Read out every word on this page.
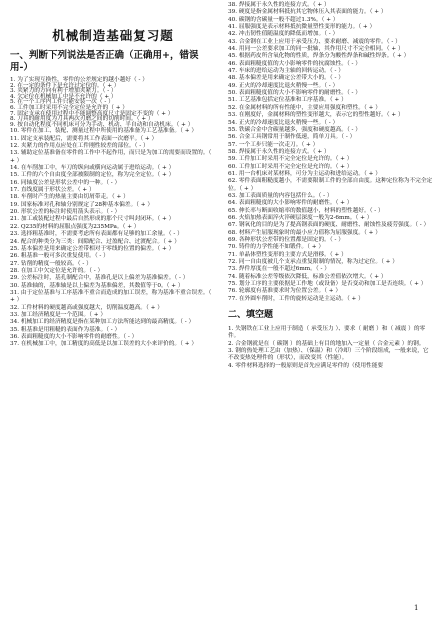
机械制造基础复习题
一、判断下列说法是否正确（正确用+，错误用-）

1. 为了实现互换性，零件的公差规定的越小越好（ - ）

2. 在一定的条件下是允许过定位的。（ + ）

3. 夹紧力的方向有利于增加夹紧力。（ - ）

4. 欠定位在机械加工中是不允许的（ + ）

5. 在一个工序内工件只能安装一次（ - ）

6. 工件加工时采用不完全定位是允许的（ + ）

7. 固定支承在使用过程中不能调整高度尺寸是固定不变的（ + ）

8. 刀具的耐用度为刀具两次刃磨之间的切削时间。（ + ）

9. 按自动化程度不同机床可分为手动、机动、半自动和自动机床。（ + ）

10. 零件在加工、装配、测量过程中所使用的基准备为工艺基准备。（ + ）

11. 固定支承装配后，需要将其工作表面一次磨平。（ + ）

12. 夹紧力的作用点应处在工件刚性较差的部位。（ - ）

13. 辅助定位基准备在零件的工作中不起作用，而只是为加工的需要而设置的。（ + ）

14. 在车削加工中，车刀的纵向或横向运动属于进给运动。（ + ）

15. 工件的六个自由度全部被限制的定位，称为完全定位。（ + ）

16. 同轴度公差是形状公差中的一种。（ - ）

17. 直线度属于形状公差。（ + ）

18. 车削时产生的热量主要由切屑带走。（ + ）

19. 国家标准对孔和轴分别规定了28种基本偏差。（ + ）

20. 形状公差的标注时使用箭头表示。（ - ）

21. 加工或装配过程中最后自然形成的那个尺寸叫封闭环。（ + ）

22. Q235的材料的屈服点强度为235MPa。（ + ）

23. 选择粗基准时，不需要考虑所有表面都有足够的加工余量。（ - ）

24. 配合的种类分为三类：间隙配合、过盈配合、过渡配合。（ + ）

25. 基本偏差是用来确定公差带相对于零线的位置的偏差。（ + ）

26. 粗基准一般可多次重复使用。（ - ）

27. 钻削的精度一般较高。（ - ）

28. 在加工中欠定位是允许的。（ - ）

29. 公差标注时，基孔制配合中，基准孔是以上偏差为基准偏差。（ - ）

30. 基准轴的，基准轴是以上偏差为基准偏差，其数值等于0。（ + ）

31. 由于定位基准与工序基准不重合而造成的加工误差，称为基准不重合误差。（ + ）

32. 工件材料的硬度越高或强度越大，切削温度越高。（ + ）

33. 加工经济精度是一个范围。（ + ）

34. 机械加工的经济精度是指在某种加工方法所能达到的最高精度。（ - ）

35. 粗基准是用粗糙的表面作为基准。（ - ）

36. 表面粗糙度的大小不影响零件的耐磨性。（ - ）

37. 在机械加工中，加工精度的高低是以加工误差的大小来评价的。（ + ）

38. 焊接属于永久性的连接方式。（ + ）

39. 硬度是指金属材料抵抗其它物体压入其表面的能力。（ + ）

40. 碳钢的含碳量一般不超过1.3%。（ + ）

41. 屈服强度是表示材料抵抗微量塑性变形的能力。（ + ）

42. 冲击韧性值随温度的降低而增加。（ - ）

43. 合金钢在工业上应用于承受压力、要求耐磨、减震的零件。（ - ）

44. 用同一公差要求加工的同一批轴，其作用尺寸不完全相同。（ + ）

45. 根据药皮所含氧化物的性质，焊条分为酸性焊条和碱性焊条。（ + ）

46. 表面粗糙度值的大小影响零件的抗腐蚀性。（ - ）

47. 车床的进给运动为主轴的回转运动。（ - ）

48. 基本偏差是用来确定公差带大小的。（ - ）

49. 正火的冷却速度比退火稍慢一些。（ - ）

50. 表面粗糙度值的大小不影响零件的耐磨性。（ - ）

51. 工艺基准包括定位基准和工序基准。（ + ）

52. 在金属材料的所有性能中，主要应用强度和塑性。（ + ）

53. 在刚度好，金属材料的塑性变形越大，表示它的塑性越好。（ + ）

54. 正火的冷却速度比退火稍慢一些。（ - ）

55. 铁碳合金中含碳量越多，强度和硬度越高。（ - ）

56. 合金工具钢常用于制作低速，简单刀具。（ - ）

57. 一个工步只能一次走刀。（ + ）

58. 焊接属于永久性的连接方式。（ + ）

59. 工件加工时采用不完全定位是允许的。（ + ）

60. 工件加工时采用不完全定位是允许的。（ + ）

61. 用一台机床对某材料，可分为主运动和进给运动。（ + ）

62. 零件表面粗糙度越小，不需要限制工件的全部自由度。这种定位称为不完全定位。（ + ）

63. 加工表面质量的内容包括什么。（ - ）

64. 表面粗糙度的大小影响零件的耐磨性。（ + ）

65. 伸长率与断面收缩率的数值越小，材料的塑性越好。（ - ）

66. 火焰加热表面淬火淬硬层深度一般为2-6mm。（ + ）

67. 钢氧化的目的是为了提高钢表面的硬度、耐磨性、耐蚀性及疲劳强度。（ - ）

68. 材料产生屈服现象时的最小应力值称为屈服强度。（ + ）

69. 各种形状公差带的位置都是固定的。（ - ）

70. 铸件的力学性能不如锻件。（ + ）

71. 单晶体塑性变形的主要方式是滑移。（ + ）

72. 同一自由度被几个支承点重复限制的情况，称为过定位。（ + ）

73. 焊件厚度在一般不超过6mm。（ - ）

74. 随着标准公差等级依次降低，标准公差值依次增大。（ + ）

75. 划分工序的主要依据是工作地（或设备）是否变动和加工是否连续。（ + ）

76. 轮廓度有基准要求时为位置公差。（ + ）

77. 在外圆车削时，工件的旋转运动是主运动。（ + ）

二、填空题

1. 失钢铁在工业上应用于制造（ 承受压力 ）、要求（ 耐磨 ）和（ 减震 ）的零件。

2. 合金钢就是在（ 碳钢 ）的基础上有目的地加入一定量（ 合金元素 ）的钢。

3. 钢的热处理工艺由（加热）、（保温）和（冷却）三个阶段组成，一般来说，它不改变热处理件的（形状），而改变其（性能）。

4. 零件材料选择的一般原则是首先应满足零件的（使用性能要

1
